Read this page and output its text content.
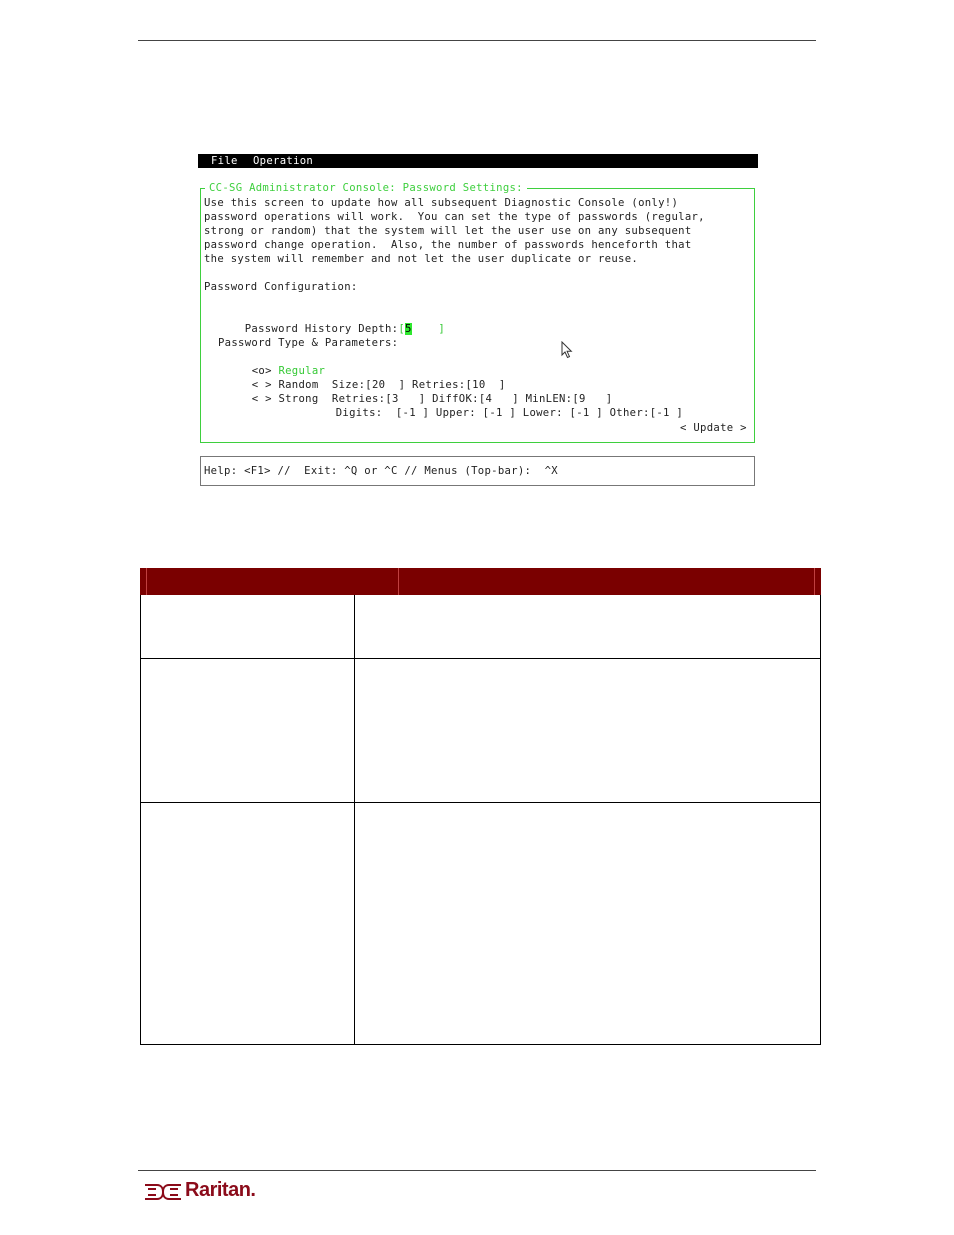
File

Operation

CC-SG Administrator Console: Password Settings:

Use this screen to update how all subsequent Diagnostic Console (only!)

password operations will work.  You can set the type of passwords (regular,

strong or random) that the system will let the user use on any subsequent

password change operation.  Also, the number of passwords henceforth that

the system will remember and not let the user duplicate or reuse.

Password Configuration:

Password History Depth:[5    ]

Password Type & Parameters:

<o> Regular

< > Random Size:[20  ] Retries:[10  ]

< > Strong Retries:[3   ] DiffOK:[4   ] MinLEN:[9   ]

Digits:  [-1 ] Upper: [-1 ] Lower: [-1 ] Other:[-1 ]

< Update >

Help: <F1> //  Exit: ^Q or ^C // Menus (Top-bar):  ^X

Raritan.
